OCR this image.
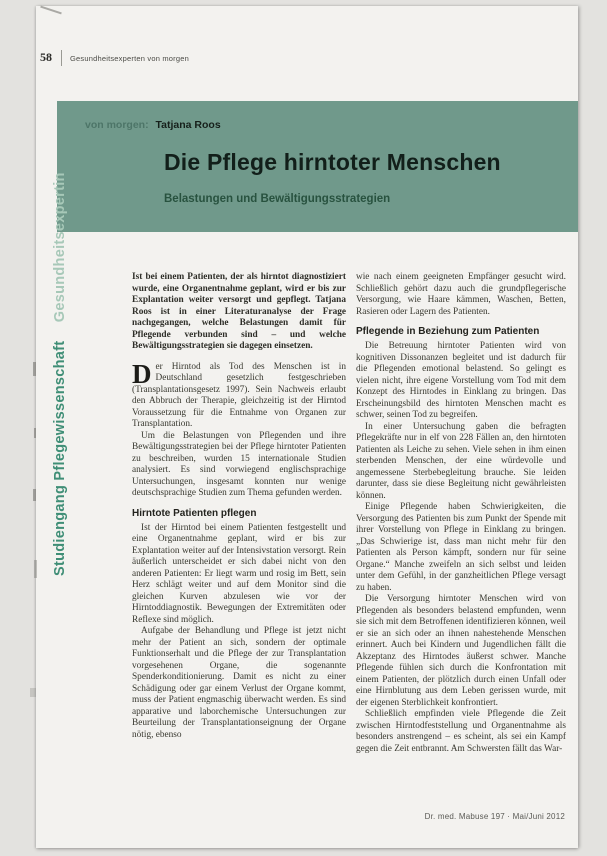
58 Gesundheitsexperten von morgen
von morgen: Tatjana Roos
Die Pflege hirntoter Menschen
Belastungen und Bewältigungsstrategien
Studiengang Pflegewissenschaft Gesundheitsexpertin	Ist bei einem Patienten, der als hirntot diagnostiziert wurde, eine Organentnahme geplant, wird er bis zur Explantation weiter versorgt und gepflegt. Tatjana Roos ist in einer Literaturanalyse der Frage nachgegangen, welche Belastungen damit für Pflegende verbunden sind – und welche Bewältigungsstrategien sie dagegen einsetzen.

Der Hirntod als Tod des Menschen ist in Deutschland gesetzlich festgeschrieben (Transplantationsgesetz 1997). Sein Nachweis erlaubt den Abbruch der Therapie, gleichzeitig ist der Hirntod Voraussetzung für die Entnahme von Organen zur Transplantation.

Um die Belastungen von Pflegenden und ihre Bewältigungsstrategien bei der Pflege hirntoter Patienten zu beschreiben, wurden 15 internationale Studien analysiert. Es sind vorwiegend englischsprachige Untersuchungen, insgesamt konnten nur wenige deutschsprachige Studien zum Thema gefunden werden.

Hirntote Patienten pflegen

Ist der Hirntod bei einem Patienten festgestellt und eine Organentnahme geplant, wird er bis zur Explantation weiter auf der Intensivstation versorgt. Rein äußerlich unterscheidet er sich dabei nicht von den anderen Patienten: Er liegt warm und rosig im Bett, sein Herz schlägt weiter und auf dem Monitor sind die gleichen Kurven abzulesen wie vor der Hirntoddiagnostik. Bewegungen der Extremitäten oder Reflexe sind möglich.

Aufgabe der Behandlung und Pflege ist jetzt nicht mehr der Patient an sich, sondern der optimale Funktionserhalt und die Pflege der zur Transplantation vorgesehenen Organe, die sogenannte Spenderkonditionierung. Damit es nicht zu einer Schädigung oder gar einem Verlust der Organe kommt, muss der Patient engmaschig überwacht werden. Es sind apparative und laborchemische Untersuchungen zur Beurteilung der Transplantationseignung der Organe nötig, ebenso

wie nach einem geeigneten Empfänger gesucht wird. Schließlich gehört dazu auch die grundpflegerische Versorgung, wie Haare kämmen, Waschen, Betten, Rasieren oder Lagern des Patienten.

Pflegende in Beziehung zum Patienten

Die Betreuung hirntoter Patienten wird von kognitiven Dissonanzen begleitet und ist dadurch für die Pflegenden emotional belastend. So gelingt es vielen nicht, ihre eigene Vorstellung vom Tod mit dem Konzept des Hirntodes in Einklang zu bringen. Das Erscheinungsbild des hirntoten Menschen macht es schwer, seinen Tod zu begreifen.

In einer Untersuchung gaben die befragten Pflegekräfte nur in elf von 228 Fällen an, den hirntoten Patienten als Leiche zu sehen. Viele sehen in ihm einen sterbenden Menschen, der eine würdevolle und angemessene Sterbebegleitung brauche. Sie leiden darunter, dass sie diese Begleitung nicht gewährleisten können.

Einige Pflegende haben Schwierigkeiten, die Versorgung des Patienten bis zum Punkt der Spende mit ihrer Vorstellung von Pflege in Einklang zu bringen. „Das Schwierige ist, dass man nicht mehr für den Patienten als Person kämpft, sondern nur für seine Organe.“ Manche zweifeln an sich selbst und leiden unter dem Gefühl, in der ganzheitlichen Pflege versagt zu haben.

Die Versorgung hirntoter Menschen wird von Pflegenden als besonders belastend empfunden, wenn sie sich mit dem Betroffenen identifizieren können, weil er sie an sich oder an ihnen nahestehende Menschen erinnert. Auch bei Kindern und Jugendlichen fällt die Akzeptanz des Hirntodes äußerst schwer. Manche Pflegende fühlen sich durch die Konfrontation mit einem Patienten, der plötzlich durch einen Unfall oder eine Hirnblutung aus dem Leben gerissen wurde, mit der eigenen Sterblichkeit konfrontiert.

Schließlich empfinden viele Pflegende die Zeit zwischen Hirntodfeststellung und Organentnahme als besonders anstrengend – es scheint, als sei ein Kampf gegen die Zeit entbrannt. Am Schwersten fällt das War-

Dr. med. Mabuse 197 · Mai/Juni 2012
